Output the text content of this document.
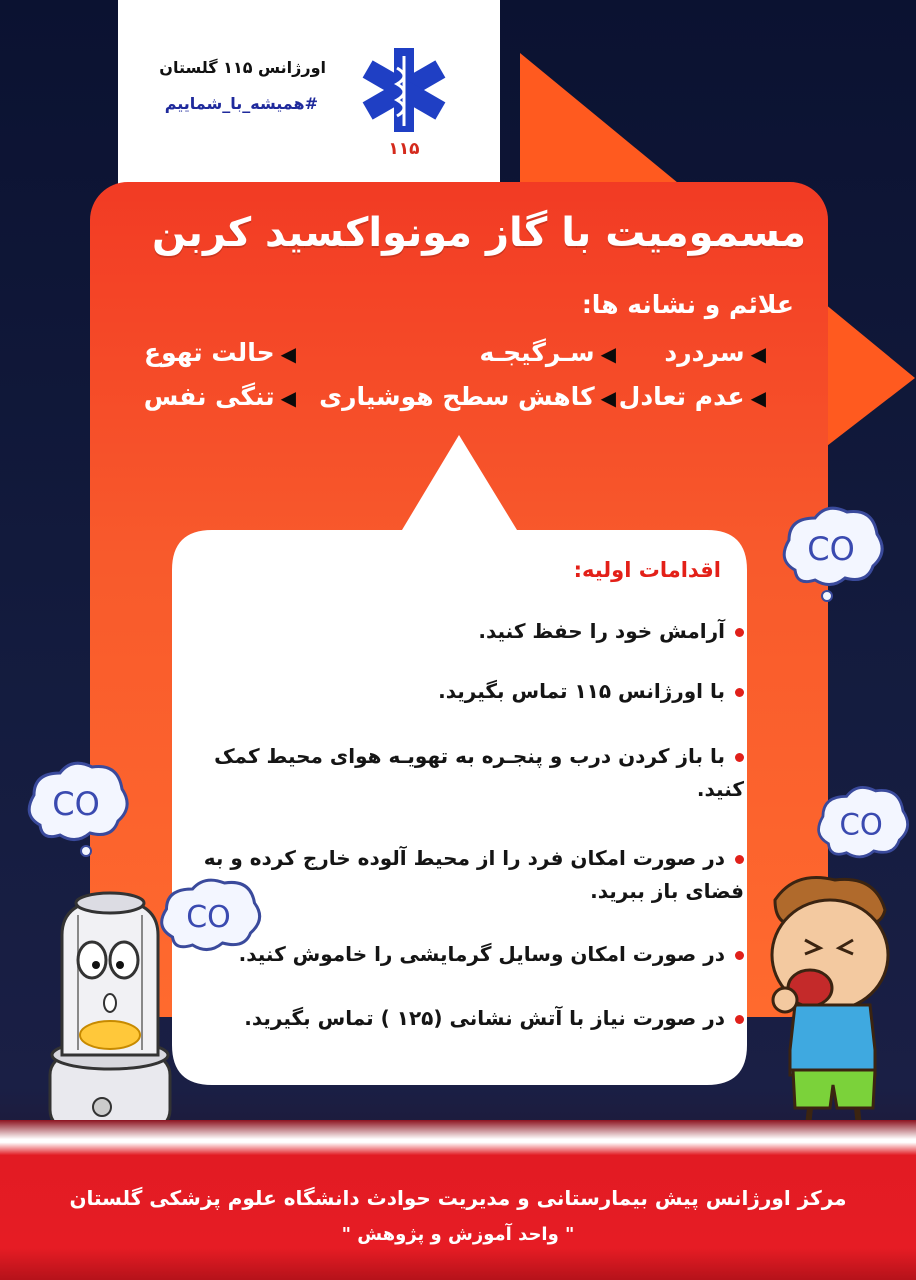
اورژانس ۱۱۵ گلستان
#همیشه_با_شماییم
۱۱۵
مسمومیت با گاز مونواکسید کربن
علائم و نشانه ها:
◀سردرد
◀سـرگیجـه
◀حالت تهوع
◀عدم تعادل
◀کاهش سطح هوشیاری
◀تنگی نفس
اقدامات اولیه:
آرامش خود را حفظ کنید.
با اورژانس ۱۱۵ تماس بگیرید.
با باز کردن درب و پنجـره به تهویـه هوای محیط کمک کنید.
در صورت امکان فرد را از محیط آلوده خارج کرده و به فضای باز ببرید.
در صورت امکان وسایل گرمایشی را خاموش کنید.
در صورت نیاز با آتش نشانی (۱۲۵ ) تماس بگیرید.
CO
CO
CO
CO
مرکز اورژانس پیش بیمارستانی و مدیریت حوادث دانشگاه علوم پزشکی گلستان
" واحد آموزش و پژوهش "
